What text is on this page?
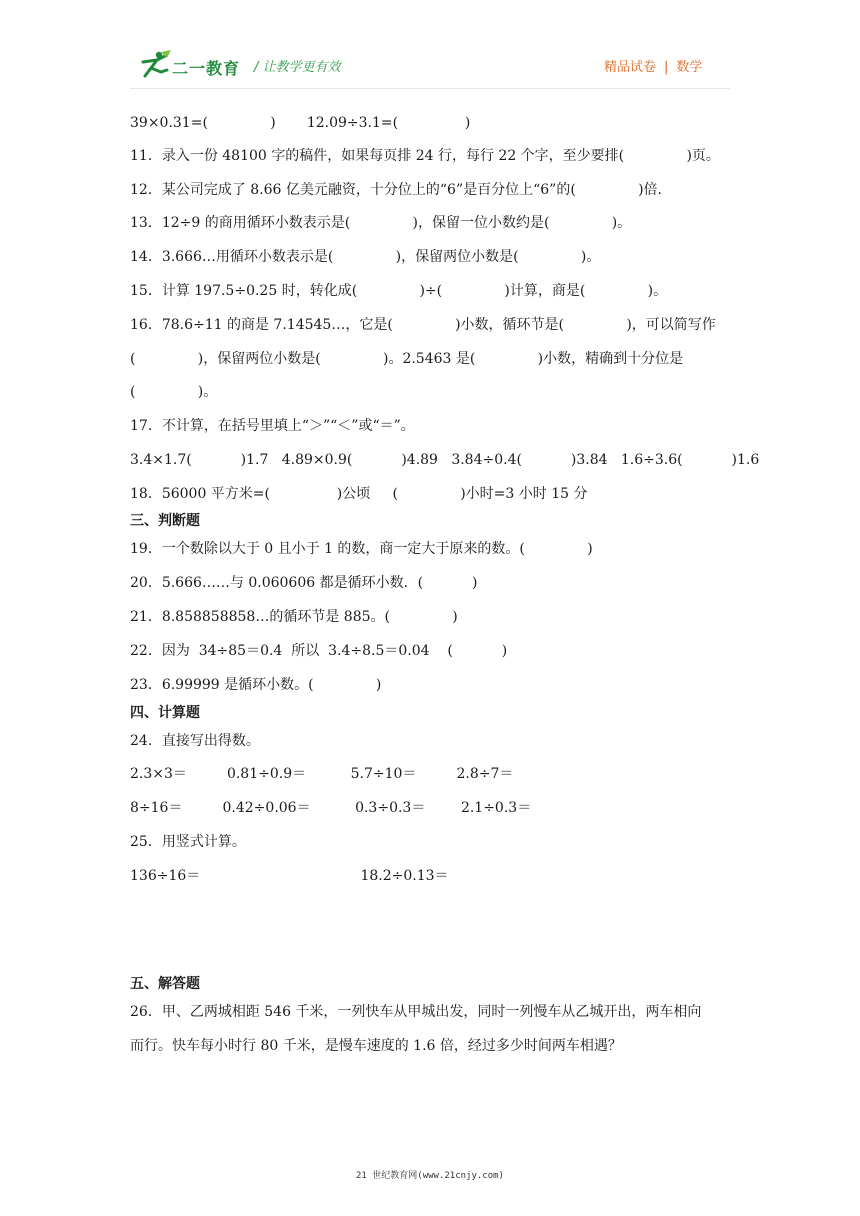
二一教育 / 让教学更有效	精品试卷 | 数学
39×0.31=(              )       12.09÷3.1=(               )
11．录入一份 48100 字的稿件，如果每页排 24 行，每行 22 个字，至少要排(              )页。
12．某公司完成了 8.66 亿美元融资，十分位上的“6”是百分位上“6”的(              )倍.
13．12÷9 的商用循环小数表示是(              )，保留一位小数约是(              )。
14．3.666…用循环小数表示是(              )，保留两位小数是(              )。
15．计算 197.5÷0.25 时，转化成(              )÷(              )计算，商是(              )。
16．78.6÷11 的商是 7.14545…，它是(              )小数，循环节是(              )，可以简写作
(              )，保留两位小数是(              )。2.5463 是(              )小数，精确到十分位是
(              )。
17．不计算，在括号里填上“＞”“＜”或“＝”。
3.4×1.7(           )1.7   4.89×0.9(           )4.89   3.84÷0.4(           )3.84   1.6÷3.6(           )1.6
18．56000 平方米=(               )公顷     (              )小时=3 小时 15 分
三、判断题
19．一个数除以大于 0 且小于 1 的数，商一定大于原来的数。(              )
20．5.666……与 0.060606 都是循环小数．(           )
21．8.858858858…的循环节是 885。(              )
22．因为  34÷85＝0.4  所以  3.4÷8.5＝0.04    (           )
23．6.99999 是循环小数。(              )
四、计算题
24．直接写出得数。
2.3×3＝         0.81÷0.9＝          5.7÷10＝         2.8÷7＝
8÷16＝         0.42÷0.06＝          0.3÷0.3＝        2.1÷0.3＝
25．用竖式计算。
136÷16＝                                    18.2÷0.13＝
五、解答题
26．甲、乙两城相距 546 千米，一列快车从甲城出发，同时一列慢车从乙城开出，两车相向
而行。快车每小时行 80 千米，是慢车速度的 1.6 倍，经过多少时间两车相遇？
21 世纪教育网(www.21cnjy.com)
